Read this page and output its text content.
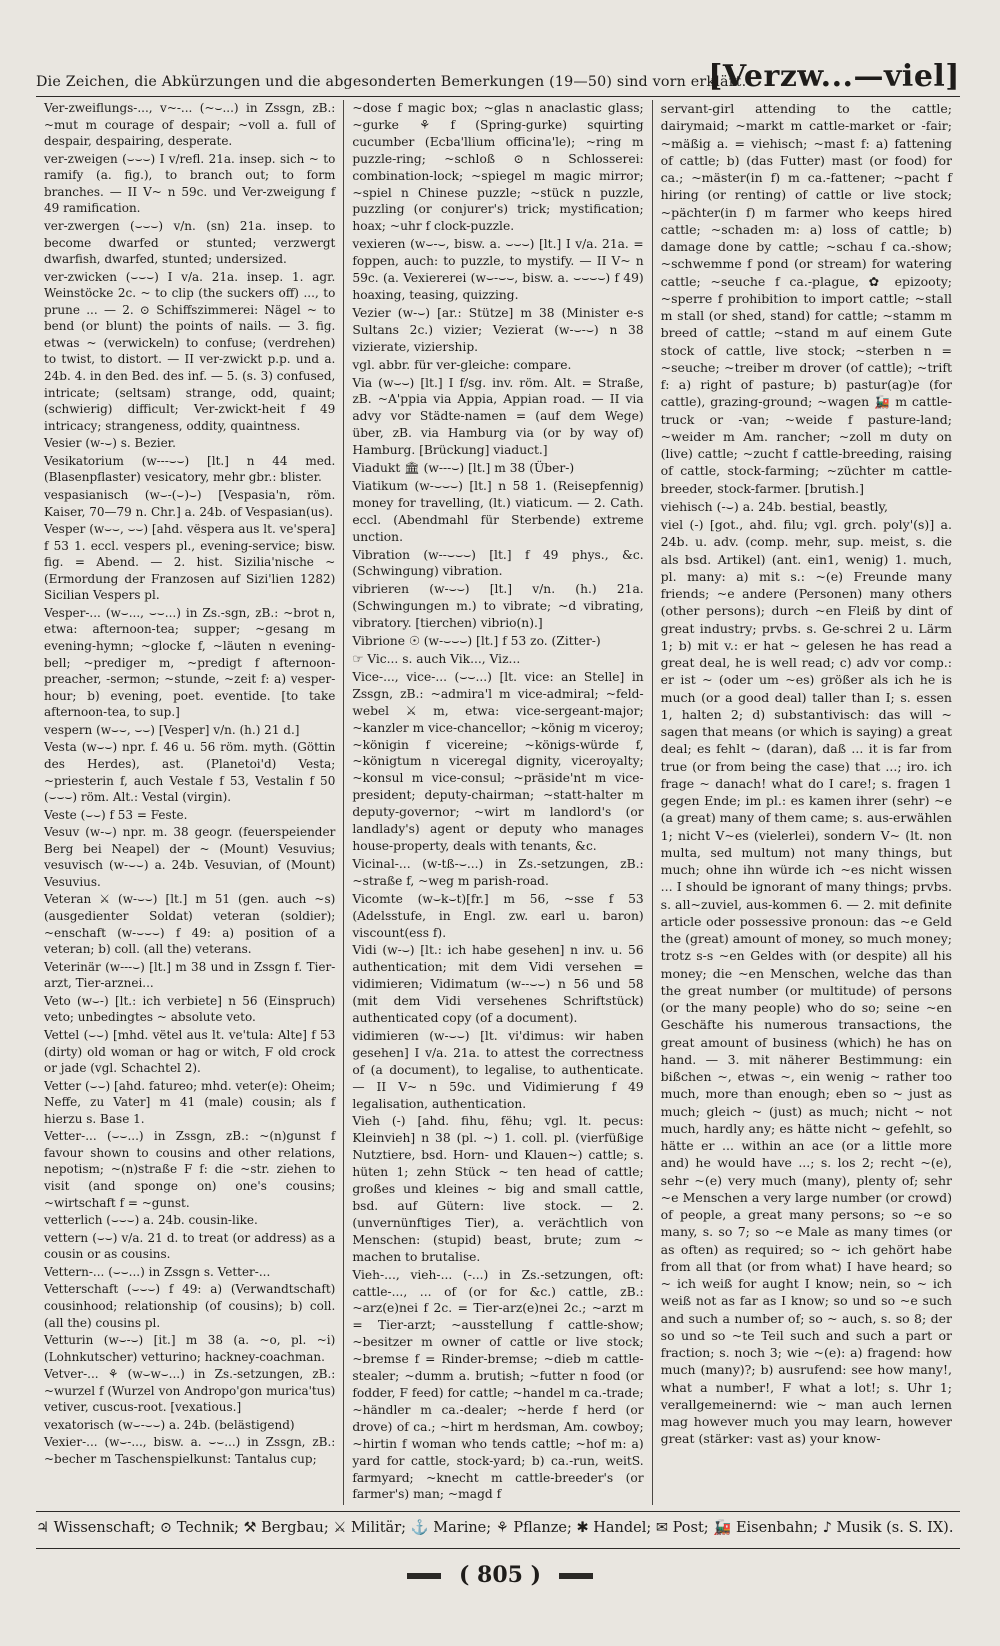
Die Zeichen, die Abkürzungen und die abgesonderten Bemerkungen (19—50) sind vorn erklärt.
[Verzw...—viel]
Ver-zweiflungs-..., v~-... (~⌣...) in Zssgn, zB.: ~mut m courage of despair; ~voll a. full of despair, despairing, desperate.
ver-zweigen (⌣⌣⌣) I v/refl. 21a. insep. sich ~ to ramify (a. fig.), to branch out; to form branches. — II V~ n 59c. und Ver-zweigung f 49 ramification.
ver-zwergen (⌣⌣⌣) v/n. (sn) 21a. insep. to become dwarfed or stunted; verzwergt dwarfish, dwarfed, stunted; undersized.
ver-zwicken (⌣⌣⌣) I v/a. 21a. insep. 1. agr. Weinstöcke 2c. ~ to clip (the suckers off) ..., to prune ... — 2. ⊙ Schiffszimmerei: Nägel ~ to bend (or blunt) the points of nails. — 3. fig. etwas ~ (verwickeln) to confuse; (verdrehen) to twist, to distort. — II ver-zwickt p.p. und a. 24b. 4. in den Bed. des inf. — 5. (s. 3) confused, intricate; (seltsam) strange, odd, quaint; (schwierig) difficult; Ver-zwickt-heit f 49 intricacy; strangeness, oddity, quaintness.
Vesier (w-⌣) s. Bezier.
Vesikatorium (w---⌣⌣) [lt.] n 44 med. (Blasenpflaster) vesicatory, mehr gbr.: blister.
vespasianisch (w⌣-(⌣)⌣) [Vespasia'n, röm. Kaiser, 70—79 n. Chr.] a. 24b. of Vespasian(us).
Vesper (w⌣⌣, ⌣⌣) [ahd. vëspera aus lt. ve'spera] f 53 1. eccl. vespers pl., evening-service; bisw. fig. = Abend. — 2. hist. Sizilia'nische ~ (Ermordung der Franzosen auf Sizi'lien 1282) Sicilian Vespers pl.
Vesper-... (w⌣..., ⌣⌣...) in Zs.-sgn, zB.: ~brot n, etwa: afternoon-tea; supper; ~gesang m evening-hymn; ~glocke f, ~läuten n evening-bell; ~prediger m, ~predigt f afternoon-preacher, -sermon; ~stunde, ~zeit f: a) vesper-hour; b) evening, poet. eventide. [to take afternoon-tea, to sup.]
vespern (w⌣⌣, ⌣⌣) [Vesper] v/n. (h.) 21 d.]
Vesta (w⌣⌣) npr. f. 46 u. 56 röm. myth. (Göttin des Herdes), ast. (Planetoi'd) Vesta; ~priesterin f, auch Vestale f 53, Vestalin f 50 (⌣⌣⌣) röm. Alt.: Vestal (virgin).
Veste (⌣⌣) f 53 = Feste.
Vesuv (w-⌣) npr. m. 38 geogr. (feuerspeiender Berg bei Neapel) der ~ (Mount) Vesuvius; vesuvisch (w-⌣⌣) a. 24b. Vesuvian, of (Mount) Vesuvius.
Veteran ⚔ (w-⌣⌣) [lt.] m 51 (gen. auch ~s) (ausgedienter Soldat) veteran (soldier); ~enschaft (w-⌣⌣⌣) f 49: a) position of a veteran; b) coll. (all the) veterans.
Veterinär (w---⌣) [lt.] m 38 und in Zssgn f. Tier-arzt, Tier-arznei...
Veto (w⌣-) [lt.: ich verbiete] n 56 (Einspruch) veto; unbedingtes ~ absolute veto.
Vettel (⌣⌣) [mhd. vëtel aus lt. ve'tula: Alte] f 53 (dirty) old woman or hag or witch, F old crock or jade (vgl. Schachtel 2).
Vetter (⌣⌣) [ahd. fatureo; mhd. veter(e): Oheim; Neffe, zu Vater] m 41 (male) cousin; als f hierzu s. Base 1.
Vetter-... (⌣⌣...) in Zssgn, zB.: ~(n)gunst f favour shown to cousins and other relations, nepotism; ~(n)straße F f: die ~str. ziehen to visit (and sponge on) one's cousins; ~wirtschaft f = ~gunst.
vetterlich (⌣⌣⌣) a. 24b. cousin-like.
vettern (⌣⌣) v/a. 21 d. to treat (or address) as a cousin or as cousins.
Vettern-... (⌣⌣...) in Zssgn s. Vetter-...
Vetterschaft (⌣⌣⌣) f 49: a) (Verwandtschaft) cousinhood; relationship (of cousins); b) coll. (all the) cousins pl.
Vetturin (w⌣-⌣) [it.] m 38 (a. ~o, pl. ~i) (Lohnkutscher) vetturino; hackney-coachman.
Vetver-... ⚘ (w⌣w⌣...) in Zs.-setzungen, zB.: ~wurzel f (Wurzel von Andropo'gon murica'tus) vetiver, cuscus-root. [vexatious.]
vexatorisch (w⌣-⌣⌣) a. 24b. (belästigend)
Vexier-... (w⌣-..., bisw. a. ⌣⌣...) in Zssgn, zB.: ~becher m Taschenspielkunst: Tantalus cup;
~dose f magic box; ~glas n anaclastic glass; ~gurke ⚘ f (Spring-gurke) squirting cucumber (Ecba'llium officina'le); ~ring m puzzle-ring; ~schloß ⊙ n Schlosserei: combination-lock; ~spiegel m magic mirror; ~spiel n Chinese puzzle; ~stück n puzzle, puzzling (or conjurer's) trick; mystification; hoax; ~uhr f clock-puzzle.
vexieren (w⌣-⌣, bisw. a. ⌣⌣⌣) [lt.] I v/a. 21a. = foppen, auch: to puzzle, to mystify. — II V~ n 59c. (a. Vexiererei (w⌣-⌣⌣, bisw. a. ⌣⌣⌣⌣) f 49) hoaxing, teasing, quizzing.
Vezier (w-⌣) [ar.: Stütze] m 38 (Minister e-s Sultans 2c.) vizier; Vezierat (w-⌣-⌣) n 38 vizierate, viziership.
vgl. abbr. für ver-gleiche: compare.
Via (w⌣⌣) [lt.] I f/sg. inv. röm. Alt. = Straße, zB. ~A'ppia via Appia, Appian road. — II via advy vor Städte-namen = (auf dem Wege) über, zB. via Hamburg via (or by way of) Hamburg. [Brückung] viaduct.]
Viadukt 🏛 (w---⌣) [lt.] m 38 (Über-)
Viatikum (w-⌣⌣⌣) [lt.] n 58 1. (Reisepfennig) money for travelling, (lt.) viaticum. — 2. Cath. eccl. (Abendmahl für Sterbende) extreme unction.
Vibration (w--⌣⌣⌣) [lt.] f 49 phys., &c. (Schwingung) vibration.
vibrieren (w-⌣⌣) [lt.] v/n. (h.) 21a. (Schwingungen m.) to vibrate; ~d vibrating, vibratory. [tierchen) vibrio(n).]
Vibrione ☉ (w-⌣⌣⌣) [lt.] f 53 zo. (Zitter-)
☞ Vic... s. auch Vik..., Viz...
Vice-..., vice-... (⌣⌣...) [lt. vice: an Stelle] in Zssgn, zB.: ~admira'l m vice-admiral; ~feld-webel ⚔ m, etwa: vice-sergeant-major; ~kanzler m vice-chancellor; ~könig m viceroy; ~königin f vicereine; ~königs-würde f, ~königtum n viceregal dignity, viceroyalty; ~konsul m vice-consul; ~präside'nt m vice-president; deputy-chairman; ~statt-halter m deputy-governor; ~wirt m landlord's (or landlady's) agent or deputy who manages house-property, deals with tenants, &c.
Vicinal-... (w-tß-⌣...) in Zs.-setzungen, zB.: ~straße f, ~weg m parish-road.
Vicomte (w⌣k⌣t)[fr.] m 56, ~sse f 53 (Adelsstufe, in Engl. zw. earl u. baron) viscount(ess f).
Vidi (w-⌣) [lt.: ich habe gesehen] n inv. u. 56 authentication; mit dem Vidi versehen = vidimieren; Vidimatum (w--⌣⌣) n 56 und 58 (mit dem Vidi versehenes Schriftstück) authenticated copy (of a document).
vidimieren (w-⌣⌣) [lt. vi'dimus: wir haben gesehen] I v/a. 21a. to attest the correctness of (a document), to legalise, to authenticate. — II V~ n 59c. und Vidimierung f 49 legalisation, authentication.
Vieh (-) [ahd. fihu, fëhu; vgl. lt. pecus: Kleinvieh] n 38 (pl. ~) 1. coll. pl. (vierfüßige Nutztiere, bsd. Horn- und Klauen~) cattle; s. hüten 1; zehn Stück ~ ten head of cattle; großes und kleines ~ big and small cattle, bsd. auf Gütern: live stock. — 2. (unvernünftiges Tier), a. verächtlich von Menschen: (stupid) beast, brute; zum ~ machen to brutalise.
Vieh-..., vieh-... (-...) in Zs.-setzungen, oft: cattle-..., ... of (or for &c.) cattle, zB.: ~arz(e)nei f 2c. = Tier-arz(e)nei 2c.; ~arzt m = Tier-arzt; ~ausstellung f cattle-show; ~besitzer m owner of cattle or live stock; ~bremse f = Rinder-bremse; ~dieb m cattle-stealer; ~dumm a. brutish; ~futter n food (or fodder, F feed) for cattle; ~handel m ca.-trade; ~händler m ca.-dealer; ~herde f herd (or drove) of ca.; ~hirt m herdsman, Am. cowboy; ~hirtin f woman who tends cattle; ~hof m: a) yard for cattle, stock-yard; b) ca.-run, weitS. farmyard; ~knecht m cattle-breeder's (or farmer's) man; ~magd f
servant-girl attending to the cattle; dairymaid; ~markt m cattle-market or -fair; ~mäßig a. = viehisch; ~mast f: a) fattening of cattle; b) (das Futter) mast (or food) for ca.; ~mäster(in f) m ca.-fattener; ~pacht f hiring (or renting) of cattle or live stock; ~pächter(in f) m farmer who keeps hired cattle; ~schaden m: a) loss of cattle; b) damage done by cattle; ~schau f ca.-show; ~schwemme f pond (or stream) for watering cattle; ~seuche f ca.-plague, ✿ epizooty; ~sperre f prohibition to import cattle; ~stall m stall (or shed, stand) for cattle; ~stamm m breed of cattle; ~stand m auf einem Gute stock of cattle, live stock; ~sterben n = ~seuche; ~treiber m drover (of cattle); ~trift f: a) right of pasture; b) pastur(ag)e (for cattle), grazing-ground; ~wagen 🚂 m cattle-truck or -van; ~weide f pasture-land; ~weider m Am. rancher; ~zoll m duty on (live) cattle; ~zucht f cattle-breeding, raising of cattle, stock-farming; ~züchter m cattle-breeder, stock-farmer. [brutish.]
viehisch (-⌣) a. 24b. bestial, beastly,
viel (-) [got., ahd. filu; vgl. grch. poly'(s)] a. 24b. u. adv. (comp. mehr, sup. meist, s. die als bsd. Artikel) (ant. ein1, wenig) 1. much, pl. many: a) mit s.: ~(e) Freunde many friends; ~e andere (Personen) many others (other persons); durch ~en Fleiß by dint of great industry; prvbs. s. Ge-schrei 2 u. Lärm 1; b) mit v.: er hat ~ gelesen he has read a great deal, he is well read; c) adv vor comp.: er ist ~ (oder um ~es) größer als ich he is much (or a good deal) taller than I; s. essen 1, halten 2; d) substantivisch: das will ~ sagen that means (or which is saying) a great deal; es fehlt ~ (daran), daß ... it is far from true (or from being the case) that ...; iro. ich frage ~ danach! what do I care!; s. fragen 1 gegen Ende; im pl.: es kamen ihrer (sehr) ~e (a great) many of them came; s. aus-erwählen 1; nicht V~es (vielerlei), sondern V~ (lt. non multa, sed multum) not many things, but much; ohne ihn würde ich ~es nicht wissen ... I should be ignorant of many things; prvbs. s. all~zuviel, aus-kommen 6. — 2. mit definite article oder possessive pronoun: das ~e Geld the (great) amount of money, so much money; trotz s-s ~en Geldes with (or despite) all his money; die ~en Menschen, welche das than the great number (or multitude) of persons (or the many people) who do so; seine ~en Geschäfte his numerous transactions, the great amount of business (which) he has on hand. — 3. mit näherer Bestimmung: ein bißchen ~, etwas ~, ein wenig ~ rather too much, more than enough; eben so ~ just as much; gleich ~ (just) as much; nicht ~ not much, hardly any; es hätte nicht ~ gefehlt, so hätte er ... within an ace (or a little more and) he would have ...; s. los 2; recht ~(e), sehr ~(e) very much (many), plenty of; sehr ~e Menschen a very large number (or crowd) of people, a great many persons; so ~e so many, s. so 7; so ~e Male as many times (or as often) as required; so ~ ich gehört habe from all that (or from what) I have heard; so ~ ich weiß for aught I know; nein, so ~ ich weiß not as far as I know; so und so ~e such and such a number of; so ~ auch, s. so 8; der so und so ~te Teil such and such a part or fraction; s. noch 3; wie ~(e): a) fragend: how much (many)?; b) ausrufend: see how many!, what a number!, F what a lot!; s. Uhr 1; verallgemeinernd: wie ~ man auch lernen mag however much you may learn, however great (stärker: vast as) your know-
♃ Wissenschaft; ⊙ Technik; ⚒ Bergbau; ⚔ Militär; ⚓ Marine; ⚘ Pflanze; ✱ Handel; ✉ Post; 🚂 Eisenbahn; ♪ Musik (s. S. IX).
( 805 )
